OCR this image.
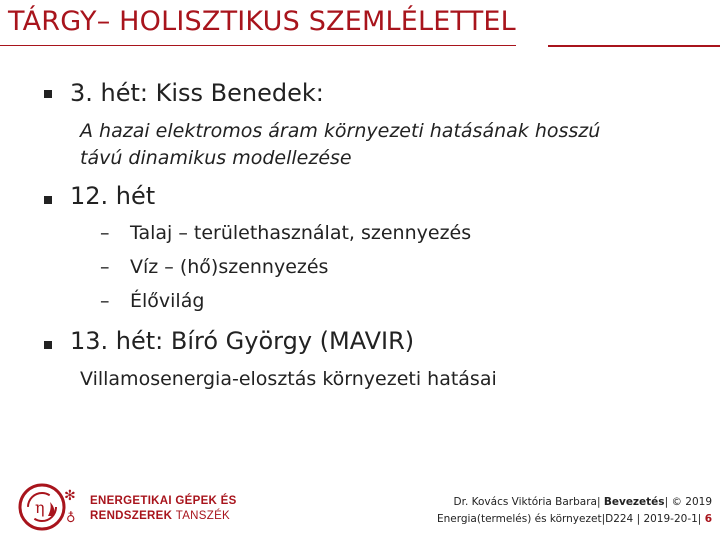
TÁRGY– HOLISZTIKUS SZEMLÉLETTEL
3. hét: Kiss Benedek:
A hazai elektromos áram környezeti hatásának hosszú
távú dinamikus modellezése
12. hét
– Talaj – területhasználat, szennyezés
– Víz – (hő)szennyezés
– Élővilág
13. hét: Bíró György (MAVIR)
Villamosenergia-elosztás környezeti hatásai
η
✻
♁
ENERGETIKAI GÉPEK ÉS
RENDSZEREK TANSZÉK
Dr. Kovács Viktória Barbara| Bevezetés| © 2019
Energia(termelés) és környezet|D224 | 2019-20-1| 6
